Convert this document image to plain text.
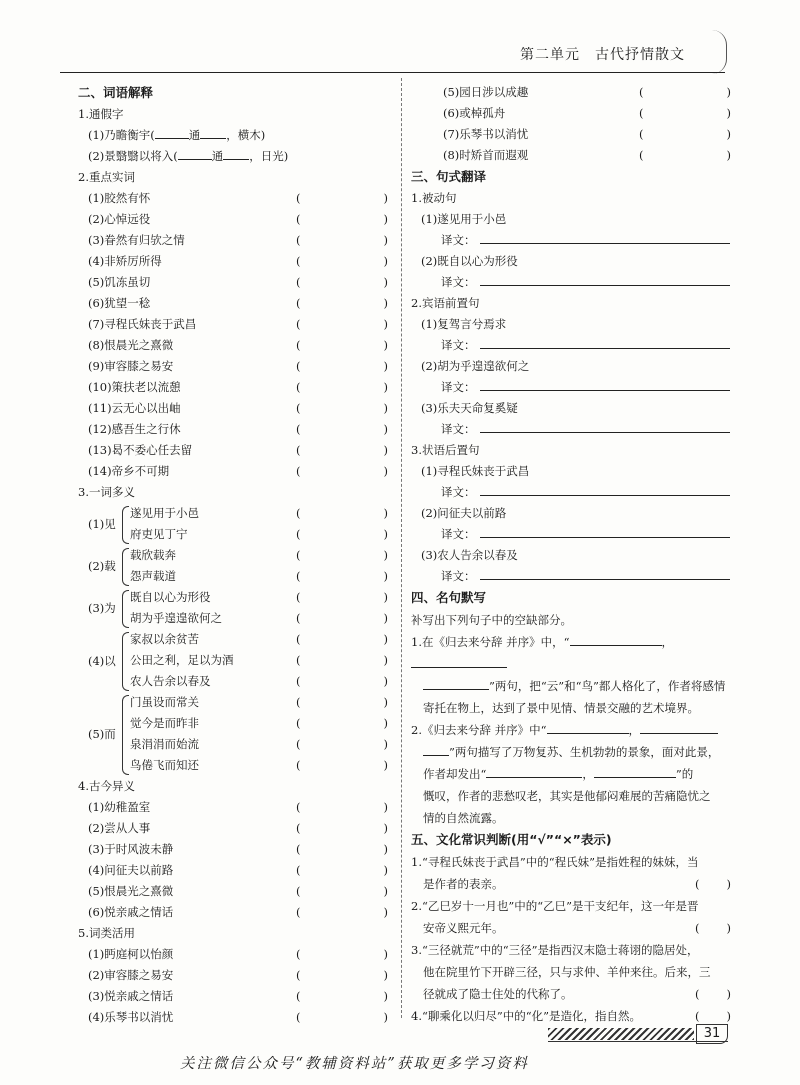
第二单元　古代抒情散文
二、词语解释
1.通假字
(1)乃瞻衡宇(	通 ，横木)
(2)景翳翳以将入(	通 ，日光)
2.重点实词
(1)胶然有怀	(	)
(2)心悼远役	(	)
(3)眷然有归欤之情	(	)
(4)非矫厉所得	(	)
(5)饥冻虽切	(	)
(6)犹望一稔	(	)
(7)寻程氏妹丧于武昌	(	)
(8)恨晨光之熹微	(	)
(9)审容膝之易安	(	)
(10)策扶老以流憩	(	)
(11)云无心以出岫	(	)
(12)感吾生之行休	(	)
(13)曷不委心任去留	(	)
(14)帝乡不可期	(	)
3.一词多义
(1)见
遂见用于小邑	(	)
府吏见丁宁	(	)
(2)载
载欣载奔	(	)
怨声载道	(	)
(3)为
既自以心为形役	(	)
胡为乎遑遑欲何之	(	)
(4)以
家叔以余贫苦	(	)
公田之利，足以为酒	(	)
农人告余以春及	(	)
(5)而
门虽设而常关	(	)
觉今是而昨非	(	)
泉涓涓而始流	(	)
鸟倦飞而知还	(	)
4.古今异义
(1)幼稚盈室	(	)
(2)尝从人事	(	)
(3)于时风波未静	(	)
(4)问征夫以前路	(	)
(5)恨晨光之熹微	(	)
(6)悦亲戚之情话	(	)
5.词类活用
(1)眄庭柯以怡颜	(	)
(2)审容膝之易安	(	)
(3)悦亲戚之情话	(	)
(4)乐琴书以消忧	(	)
(5)园日涉以成趣	(	)
(6)或棹孤舟	(	)
(7)乐琴书以消忧	(	)
(8)时矫首而遐观	(	)
三、句式翻译
1.被动句
(1)遂见用于小邑
译文：
(2)既自以心为形役
译文：
2.宾语前置句
(1)复驾言兮焉求
译文：
(2)胡为乎遑遑欲何之
译文：
(3)乐夫天命复奚疑
译文：
3.状语后置句
(1)寻程氏妹丧于武昌
译文：
(2)问征夫以前路
译文：
(3)农人告余以春及
译文：
四、名句默写
补写出下列句子中的空缺部分。
1.在《归去来兮辞 并序》中，“	，
”两句，把“云”和“鸟”都人格化了，作者将感情
寄托在物上，达到了景中见情、情景交融的艺术境界。
2.《归去来兮辞 并序》中“	，
”两句描写了万物复苏、生机勃勃的景象，面对此景，
作者却发出“	，	”的
慨叹，作者的悲愁叹老，其实是他郁闷难展的苦痛隐忧之
情的自然流露。
五、文化常识判断(用“√”“×”表示)
1.“寻程氏妹丧于武昌”中的“程氏妹”是指姓程的妹妹，当
是作者的表亲。	( )
2.“乙巳岁十一月也”中的“乙巳”是干支纪年，这一年是晋
安帝义熙元年。	( )
3.“三径就荒”中的“三径”是指西汉末隐士蒋诩的隐居处，
他在院里竹下开辟三径，只与求仲、羊仲来往。后来，三
径就成了隐士住处的代称了。	( )
4.“聊乘化以归尽”中的“化”是造化，指自然。	( )
31
关注微信公众号“教辅资料站”获取更多学习资料
